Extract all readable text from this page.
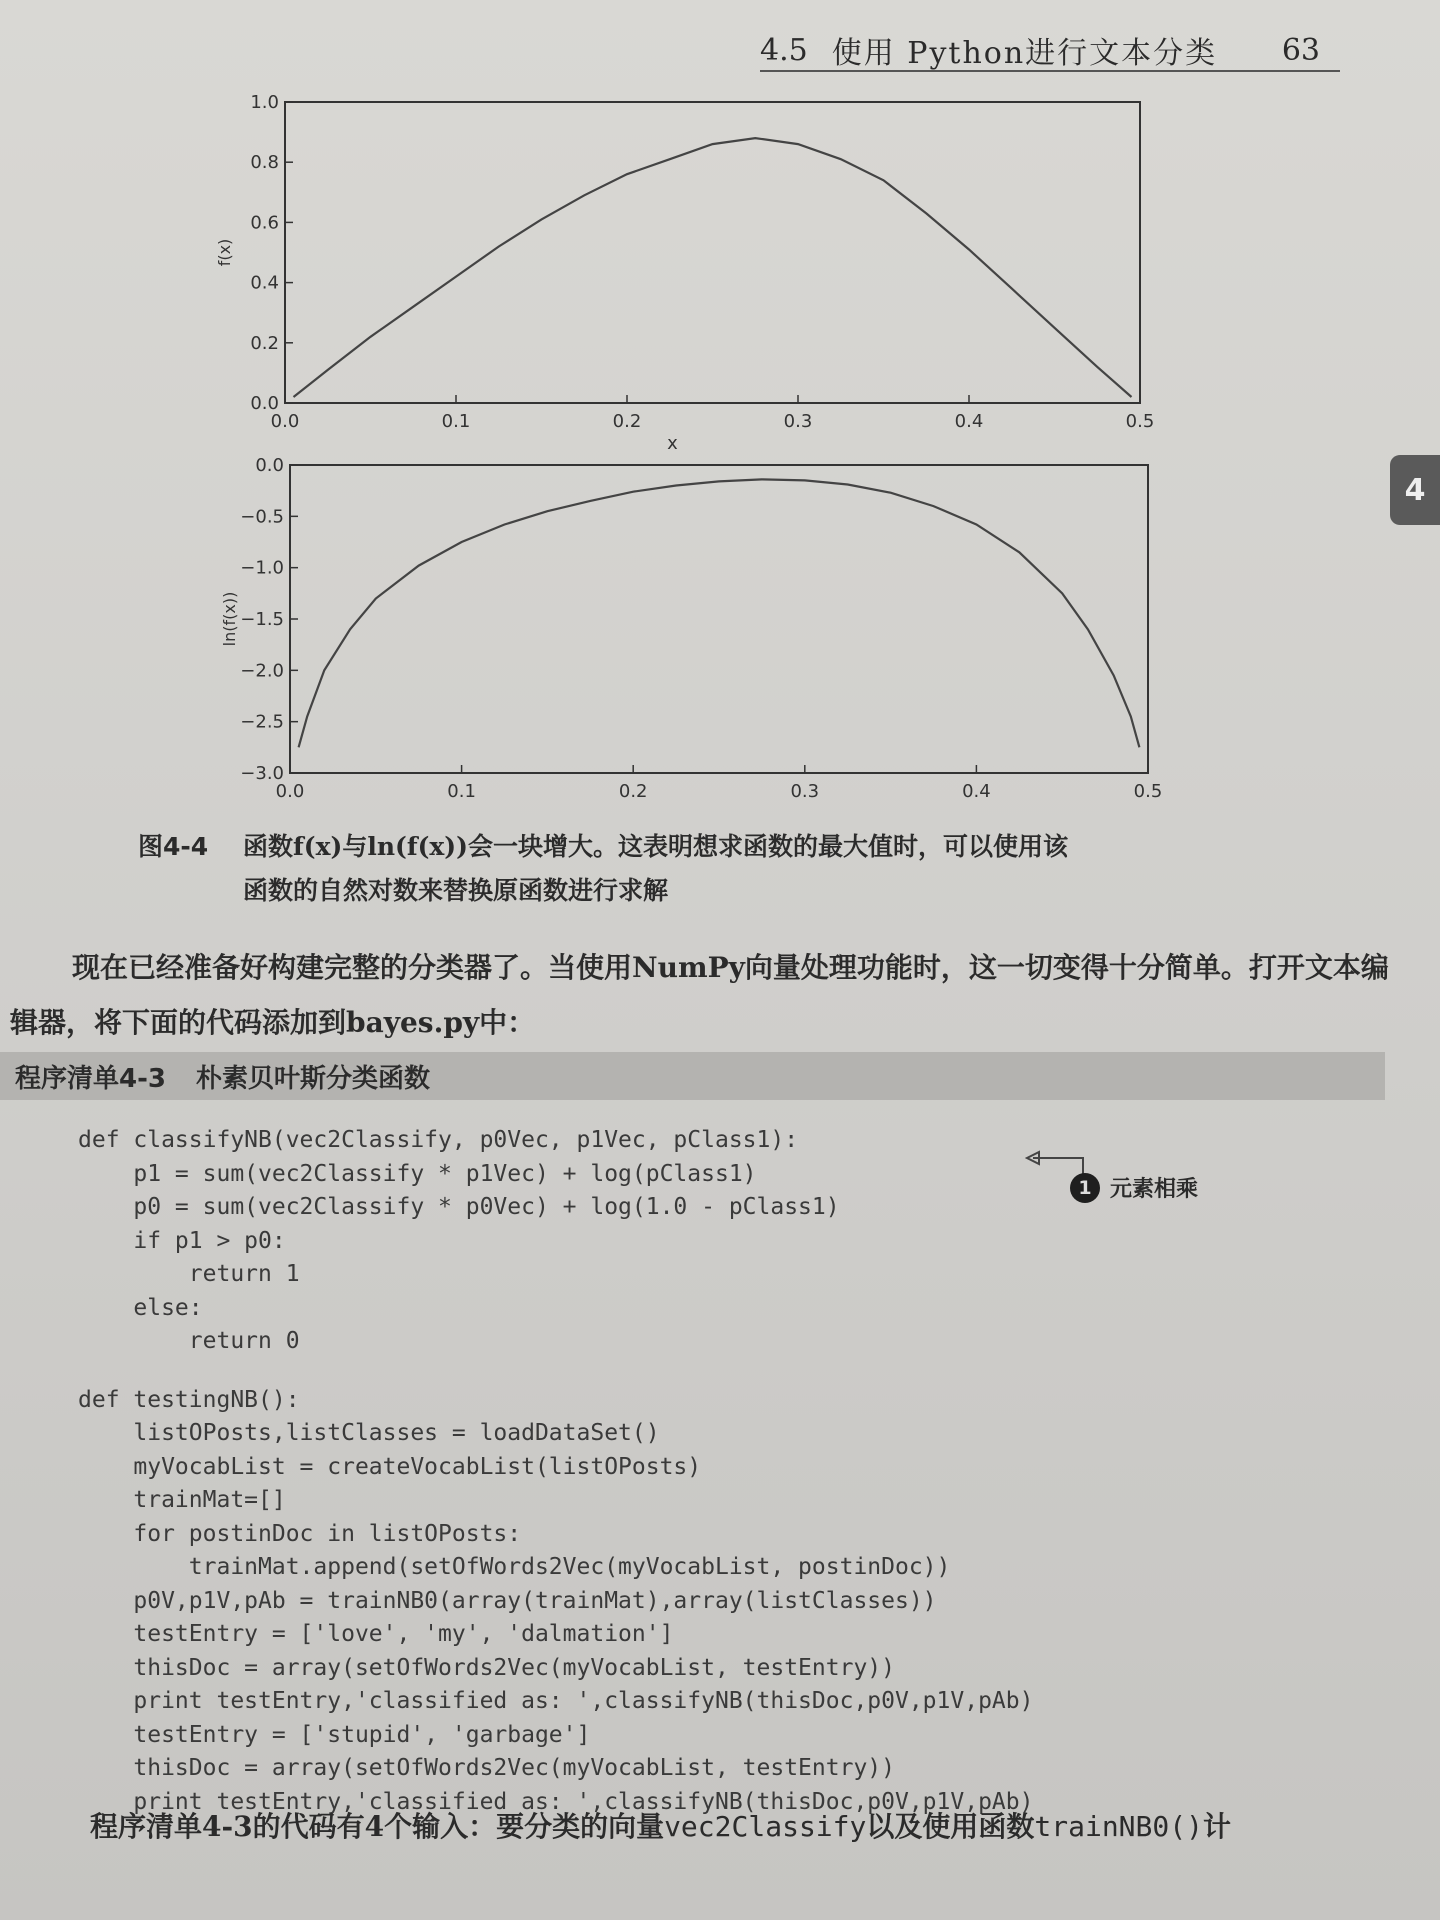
4.5 使用 Python进行文本分类	63
4
0.0	0.1	0.2	0.3	0.4	0.5
0.0
0.2
0.4
0.6
0.8
1.0
x
f(x)
0.0	0.1	0.2	0.3	0.4	0.5
0.0
−0.5
−1.0
−1.5
−2.0
−2.5
−3.0
ln(f(x))
图4-4 函数f(x)与ln(f(x))会一块增大。这表明想求函数的最大值时，可以使用该
函数的自然对数来替换原函数进行求解
现在已经准备好构建完整的分类器了。当使用NumPy向量处理功能时，这一切变得十分简单。打开文本编辑器，将下面的代码添加到bayes.py中：
程序清单4-3 朴素贝叶斯分类函数
1 元素相乘
def classifyNB(vec2Classify, p0Vec, p1Vec, pClass1):
p1 = sum(vec2Classify * p1Vec) + log(pClass1)
p0 = sum(vec2Classify * p0Vec) + log(1.0 - pClass1)
if p1 > p0:
return 1
else:
return 0
def testingNB():
listOPosts,listClasses = loadDataSet()
myVocabList = createVocabList(listOPosts)
trainMat=[]
for postinDoc in listOPosts:
trainMat.append(setOfWords2Vec(myVocabList, postinDoc))
p0V,p1V,pAb = trainNB0(array(trainMat),array(listClasses))
testEntry = ['love', 'my', 'dalmation']
thisDoc = array(setOfWords2Vec(myVocabList, testEntry))
print testEntry,'classified as: ',classifyNB(thisDoc,p0V,p1V,pAb)
testEntry = ['stupid', 'garbage']
thisDoc = array(setOfWords2Vec(myVocabList, testEntry))
print testEntry,'classified as: ',classifyNB(thisDoc,p0V,p1V,pAb)
程序清单4-3的代码有4个输入：要分类的向量vec2Classify以及使用函数trainNB0()计
